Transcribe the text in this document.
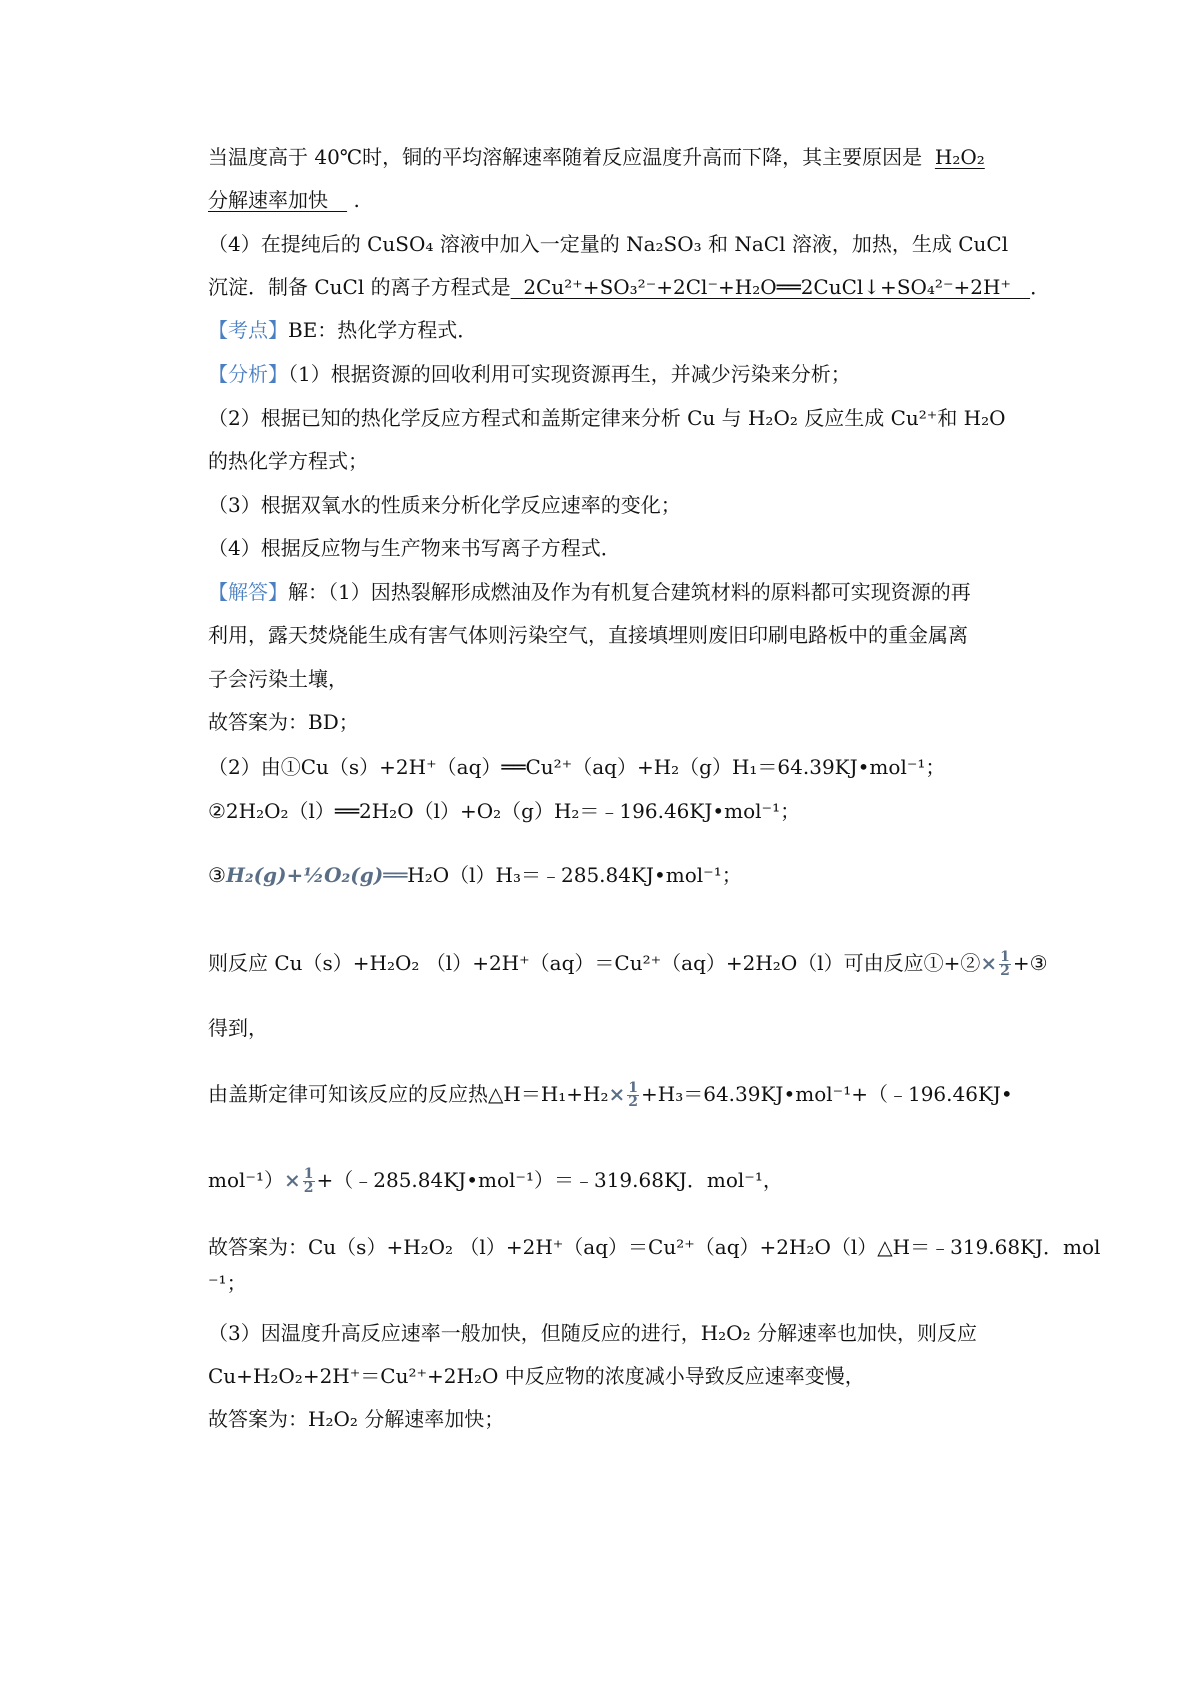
当温度高于 40℃时，铜的平均溶解速率随着反应温度升高而下降，其主要原因是 H₂O₂
分解速率加快 .
（4）在提纯后的 CuSO₄ 溶液中加入一定量的 Na₂SO₃ 和 NaCl 溶液，加热，生成 CuCl
沉淀．制备 CuCl 的离子方程式是 2Cu²⁺+SO₃²⁻+2Cl⁻+H₂O══2CuCl↓+SO₄²⁻+2H⁺ ．
【考点】BE：热化学方程式．
【分析】（1）根据资源的回收利用可实现资源再生，并减少污染来分析；
（2）根据已知的热化学反应方程式和盖斯定律来分析 Cu 与 H₂O₂ 反应生成 Cu²⁺和 H₂O
的热化学方程式；
（3）根据双氧水的性质来分析化学反应速率的变化；
（4）根据反应物与生产物来书写离子方程式．
【解答】解：（1）因热裂解形成燃油及作为有机复合建筑材料的原料都可实现资源的再
利用，露天焚烧能生成有害气体则污染空气，直接填埋则废旧印刷电路板中的重金属离
子会污染土壤，
故答案为：BD；
（2）由①Cu（s）+2H⁺（aq）══Cu²⁺（aq）+H₂（g）H₁＝64.39KJ•mol⁻¹；
②2H₂O₂（l）══2H₂O（l）+O₂（g）H₂＝﹣196.46KJ•mol⁻¹；
③H₂(g)+½O₂(g)══H₂O（l）H₃＝﹣285.84KJ•mol⁻¹；
则反应 Cu（s）+H₂O₂ （l）+2H⁺（aq）＝Cu²⁺（aq）+2H₂O（l）可由反应①+②× $\frac{1}{2}$ +③
得到，
由盖斯定律可知该反应的反应热△H＝H₁+H₂× $\frac{1}{2}$ +H₃＝64.39KJ•mol⁻¹+（﹣196.46KJ•
$mol^{-1})\times \frac{1}{2}$ +（﹣285.84KJ•mol⁻¹）＝﹣319.68KJ．mol⁻¹，
故答案为：Cu（s）+H₂O₂ （l）+2H⁺（aq）＝Cu²⁺（aq）+2H₂O（l）△H＝﹣319.68KJ．mol
⁻¹；
（3）因温度升高反应速率一般加快，但随反应的进行，H₂O₂ 分解速率也加快，则反应
Cu+H₂O₂+2H⁺＝Cu²⁺+2H₂O 中反应物的浓度减小导致反应速率变慢，
故答案为：H₂O₂ 分解速率加快；
